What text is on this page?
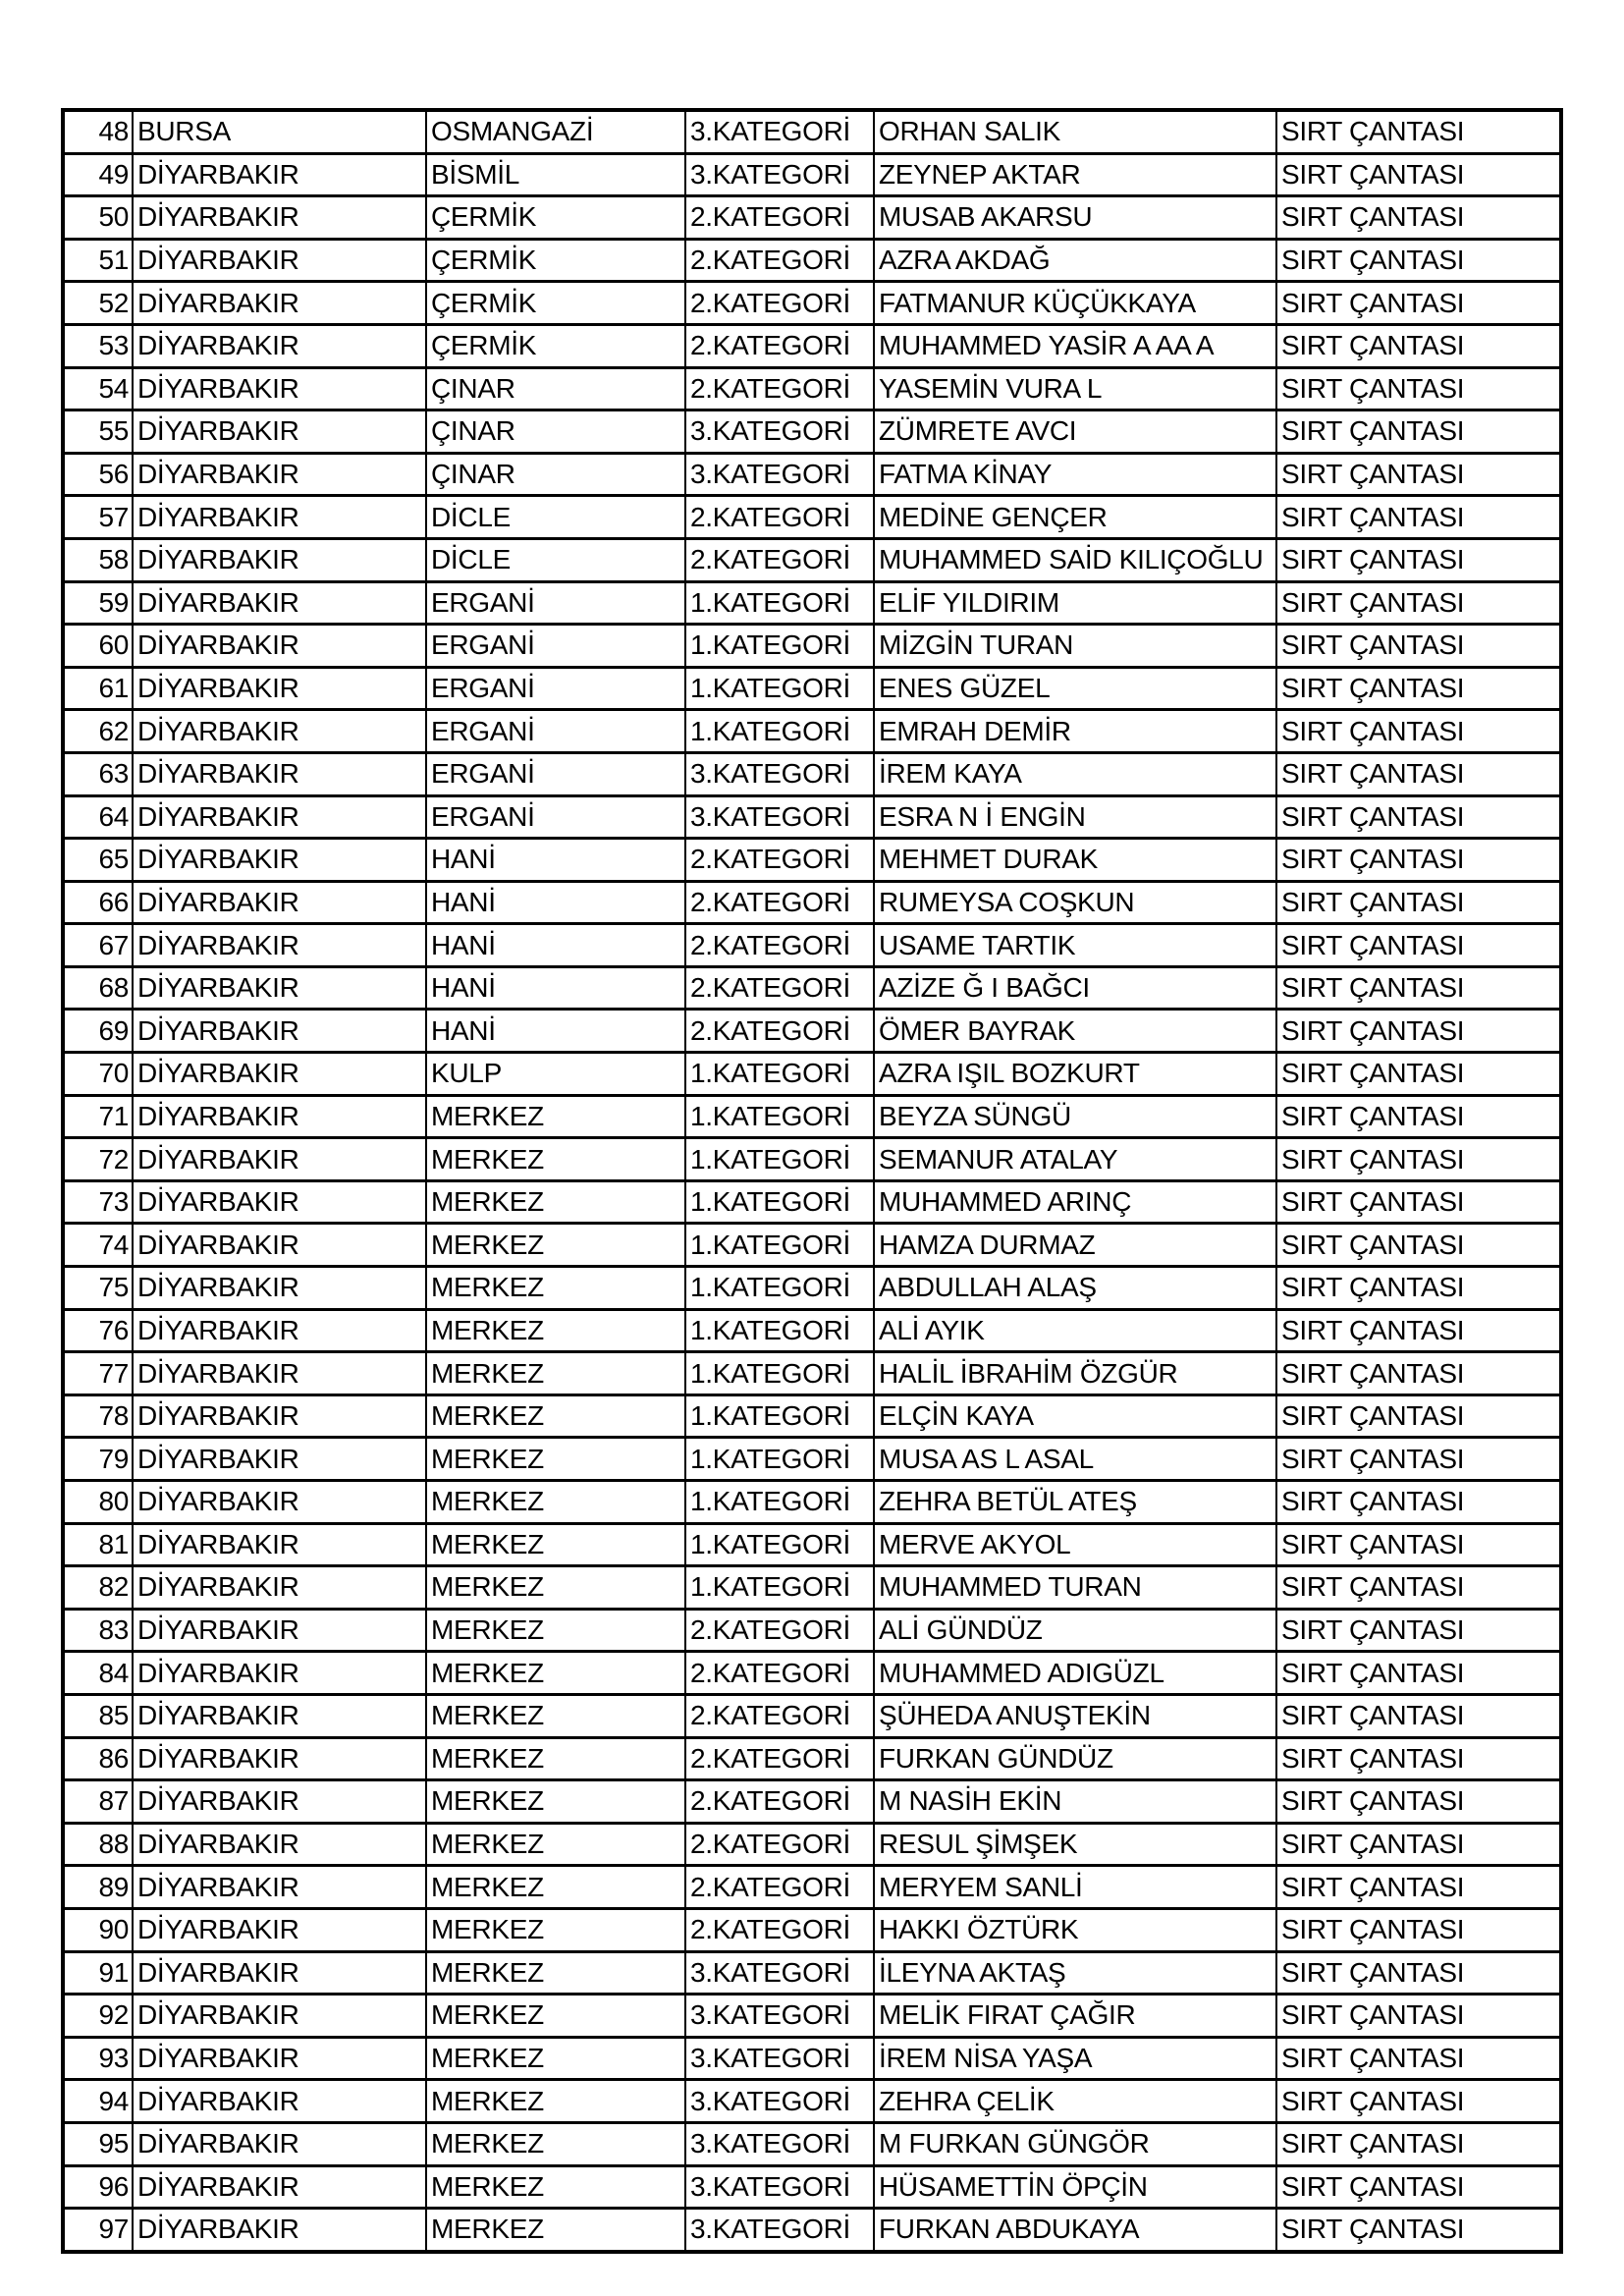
48	BURSA	OSMANGAZİ	3.KATEGORİ	ORHAN SALIK	SIRT ÇANTASI
49	DİYARBAKIR	BİSMİL	3.KATEGORİ	ZEYNEP AKTAR	SIRT ÇANTASI
50	DİYARBAKIR	ÇERMİK	2.KATEGORİ	MUSAB AKARSU	SIRT ÇANTASI
51	DİYARBAKIR	ÇERMİK	2.KATEGORİ	AZRA AKDAĞ	SIRT ÇANTASI
52	DİYARBAKIR	ÇERMİK	2.KATEGORİ	FATMANUR KÜÇÜKKAYA	SIRT ÇANTASI
53	DİYARBAKIR	ÇERMİK	2.KATEGORİ	MUHAMMED YASİR A AA A	SIRT ÇANTASI
54	DİYARBAKIR	ÇINAR	2.KATEGORİ	YASEMİN VURA L	SIRT ÇANTASI
55	DİYARBAKIR	ÇINAR	3.KATEGORİ	ZÜMRETE AVCI	SIRT ÇANTASI
56	DİYARBAKIR	ÇINAR	3.KATEGORİ	FATMA KİNAY	SIRT ÇANTASI
57	DİYARBAKIR	DİCLE	2.KATEGORİ	MEDİNE GENÇER	SIRT ÇANTASI
58	DİYARBAKIR	DİCLE	2.KATEGORİ	MUHAMMED SAİD KILIÇOĞLU	SIRT ÇANTASI
59	DİYARBAKIR	ERGANİ	1.KATEGORİ	ELİF YILDIRIM	SIRT ÇANTASI
60	DİYARBAKIR	ERGANİ	1.KATEGORİ	MİZGİN TURAN	SIRT ÇANTASI
61	DİYARBAKIR	ERGANİ	1.KATEGORİ	ENES GÜZEL	SIRT ÇANTASI
62	DİYARBAKIR	ERGANİ	1.KATEGORİ	EMRAH DEMİR	SIRT ÇANTASI
63	DİYARBAKIR	ERGANİ	3.KATEGORİ	İREM KAYA	SIRT ÇANTASI
64	DİYARBAKIR	ERGANİ	3.KATEGORİ	ESRA N İ ENGİN	SIRT ÇANTASI
65	DİYARBAKIR	HANİ	2.KATEGORİ	MEHMET DURAK	SIRT ÇANTASI
66	DİYARBAKIR	HANİ	2.KATEGORİ	RUMEYSA COŞKUN	SIRT ÇANTASI
67	DİYARBAKIR	HANİ	2.KATEGORİ	USAME TARTIK	SIRT ÇANTASI
68	DİYARBAKIR	HANİ	2.KATEGORİ	AZİZE Ğ I BAĞCI	SIRT ÇANTASI
69	DİYARBAKIR	HANİ	2.KATEGORİ	ÖMER BAYRAK	SIRT ÇANTASI
70	DİYARBAKIR	KULP	1.KATEGORİ	AZRA IŞIL BOZKURT	SIRT ÇANTASI
71	DİYARBAKIR	MERKEZ	1.KATEGORİ	BEYZA SÜNGÜ	SIRT ÇANTASI
72	DİYARBAKIR	MERKEZ	1.KATEGORİ	SEMANUR ATALAY	SIRT ÇANTASI
73	DİYARBAKIR	MERKEZ	1.KATEGORİ	MUHAMMED ARINÇ	SIRT ÇANTASI
74	DİYARBAKIR	MERKEZ	1.KATEGORİ	HAMZA DURMAZ	SIRT ÇANTASI
75	DİYARBAKIR	MERKEZ	1.KATEGORİ	ABDULLAH ALAŞ	SIRT ÇANTASI
76	DİYARBAKIR	MERKEZ	1.KATEGORİ	ALİ AYIK	SIRT ÇANTASI
77	DİYARBAKIR	MERKEZ	1.KATEGORİ	HALİL İBRAHİM ÖZGÜR	SIRT ÇANTASI
78	DİYARBAKIR	MERKEZ	1.KATEGORİ	ELÇİN KAYA	SIRT ÇANTASI
79	DİYARBAKIR	MERKEZ	1.KATEGORİ	MUSA AS L ASAL	SIRT ÇANTASI
80	DİYARBAKIR	MERKEZ	1.KATEGORİ	ZEHRA BETÜL ATEŞ	SIRT ÇANTASI
81	DİYARBAKIR	MERKEZ	1.KATEGORİ	MERVE AKYOL	SIRT ÇANTASI
82	DİYARBAKIR	MERKEZ	1.KATEGORİ	MUHAMMED TURAN	SIRT ÇANTASI
83	DİYARBAKIR	MERKEZ	2.KATEGORİ	ALİ GÜNDÜZ	SIRT ÇANTASI
84	DİYARBAKIR	MERKEZ	2.KATEGORİ	MUHAMMED ADIGÜZL	SIRT ÇANTASI
85	DİYARBAKIR	MERKEZ	2.KATEGORİ	ŞÜHEDA ANUŞTEKİN	SIRT ÇANTASI
86	DİYARBAKIR	MERKEZ	2.KATEGORİ	FURKAN GÜNDÜZ	SIRT ÇANTASI
87	DİYARBAKIR	MERKEZ	2.KATEGORİ	M NASİH EKİN	SIRT ÇANTASI
88	DİYARBAKIR	MERKEZ	2.KATEGORİ	RESUL ŞİMŞEK	SIRT ÇANTASI
89	DİYARBAKIR	MERKEZ	2.KATEGORİ	MERYEM SANLİ	SIRT ÇANTASI
90	DİYARBAKIR	MERKEZ	2.KATEGORİ	HAKKI ÖZTÜRK	SIRT ÇANTASI
91	DİYARBAKIR	MERKEZ	3.KATEGORİ	İLEYNA AKTAŞ	SIRT ÇANTASI
92	DİYARBAKIR	MERKEZ	3.KATEGORİ	MELİK FIRAT ÇAĞIR	SIRT ÇANTASI
93	DİYARBAKIR	MERKEZ	3.KATEGORİ	İREM NİSA YAŞA	SIRT ÇANTASI
94	DİYARBAKIR	MERKEZ	3.KATEGORİ	ZEHRA ÇELİK	SIRT ÇANTASI
95	DİYARBAKIR	MERKEZ	3.KATEGORİ	M FURKAN GÜNGÖR	SIRT ÇANTASI
96	DİYARBAKIR	MERKEZ	3.KATEGORİ	HÜSAMETTİN ÖPÇİN	SIRT ÇANTASI
97	DİYARBAKIR	MERKEZ	3.KATEGORİ	FURKAN ABDUKAYA	SIRT ÇANTASI
